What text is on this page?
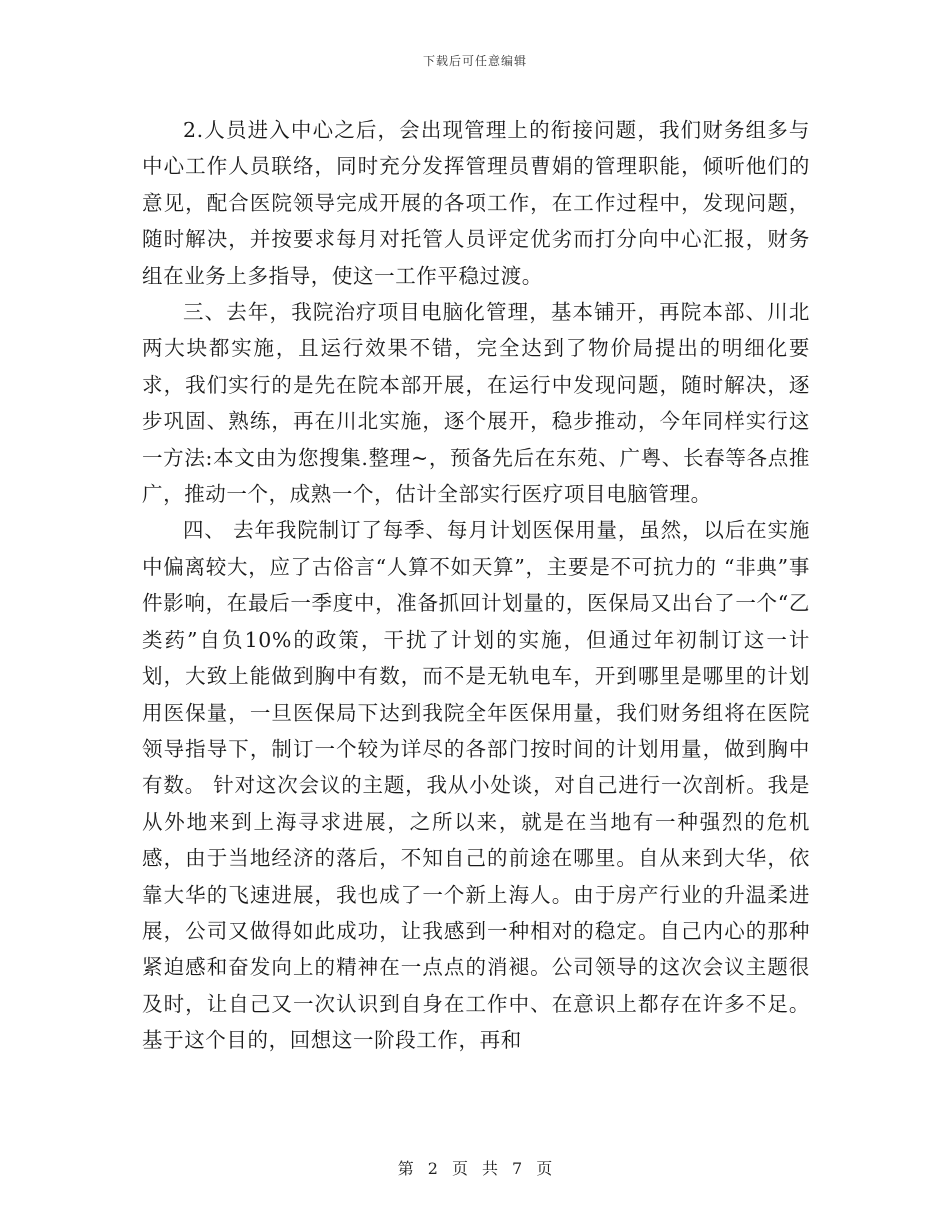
下载后可任意编辑

2.人员进入中心之后，会出现管理上的衔接问题，我们财务组多与中心工作人员联络，同时充分发挥管理员曹娟的管理职能，倾听他们的意见，配合医院领导完成开展的各项工作，在工作过程中，发现问题，随时解决，并按要求每月对托管人员评定优劣而打分向中心汇报，财务组在业务上多指导，使这一工作平稳过渡。

三、去年，我院治疗项目电脑化管理，基本铺开，再院本部、川北两大块都实施，且运行效果不错，完全达到了物价局提出的明细化要求，我们实行的是先在院本部开展，在运行中发现问题，随时解决，逐步巩固、熟练，再在川北实施，逐个展开，稳步推动，今年同样实行这一方法:本文由为您搜集.整理~，预备先后在东苑、广粤、长春等各点推广，推动一个，成熟一个，估计全部实行医疗项目电脑管理。

四、 去年我院制订了每季、每月计划医保用量，虽然，以后在实施中偏离较大，应了古俗言“人算不如天算”，主要是不可抗力的 “非典”事件影响，在最后一季度中，准备抓回计划量的，医保局又出台了一个“乙类药”自负10%的政策，干扰了计划的实施，但通过年初制订这一计划，大致上能做到胸中有数，而不是无轨电车，开到哪里是哪里的计划用医保量，一旦医保局下达到我院全年医保用量，我们财务组将在医院领导指导下，制订一个较为详尽的各部门按时间的计划用量，做到胸中有数。 针对这次会议的主题，我从小处谈，对自己进行一次剖析。我是从外地来到上海寻求进展，之所以来，就是在当地有一种强烈的危机感，由于当地经济的落后，不知自己的前途在哪里。自从来到大华，依靠大华的飞速进展，我也成了一个新上海人。由于房产行业的升温柔进展，公司又做得如此成功，让我感到一种相对的稳定。自己内心的那种紧迫感和奋发向上的精神在一点点的消褪。公司领导的这次会议主题很及时，让自己又一次认识到自身在工作中、在意识上都存在许多不足。基于这个目的，回想这一阶段工作，再和

第 2 页 共 7 页
